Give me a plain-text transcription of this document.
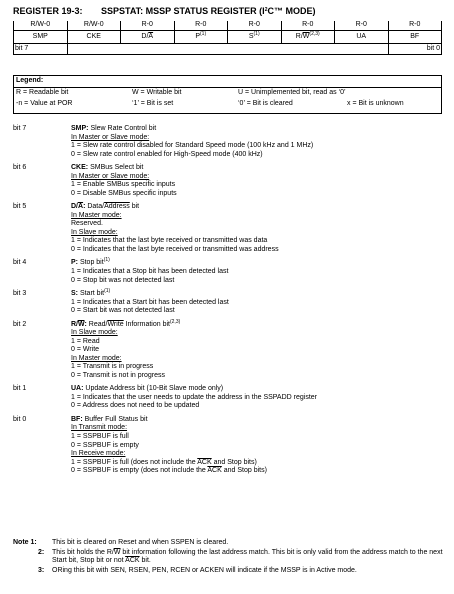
REGISTER 19-3: SSPSTAT: MSSP STATUS REGISTER ($I^2C™$ MODE)
R/W-0	R/W-0	R-0	R-0	R-0	R-0	R-0	R-0
SMP	CKE	$D/\overline{A}$	$P^{(1)}$	$S^{(1)}$	$R/\overline{W}^{(2,3)}$	UA	BF
bit 7							bit 0
Legend:
R = Readable bit	W = Writable bit	U = Unimplemented bit, read as ‘0’
-n = Value at POR	‘1’ = Bit is set	‘0’ = Bit is cleared	x = Bit is unknown
bit 7	SMP: Slew Rate Control bit
In Master or Slave mode:
1 = Slew rate control disabled for Standard Speed mode (100 kHz and 1 MHz)
0 = Slew rate control enabled for High-Speed mode (400 kHz)
bit 6	CKE: SMBus Select bit
In Master or Slave mode:
1 = Enable SMBus specific inputs
0 = Disable SMBus specific inputs
bit 5	$D/\overline{A}$: Data/Address bit
In Master mode:
Reserved.
In Slave mode:
1 = Indicates that the last byte received or transmitted was data
0 = Indicates that the last byte received or transmitted was address
bit 4	P: Stop bit$^{(1)}$
1 = Indicates that a Stop bit has been detected last
0 = Stop bit was not detected last
bit 3	S: Start bit$^{(1)}$
1 = Indicates that a Start bit has been detected last
0 = Start bit was not detected last
bit 2	$R/\overline{W}$: Read/Write Information bit$^{(2,3)}$
In Slave mode:
1 = Read
0 = Write
In Master mode:
1 = Transmit is in progress
0 = Transmit is not in progress
bit 1	UA: Update Address bit (10-Bit Slave mode only)
1 = Indicates that the user needs to update the address in the SSPADD register
0 = Address does not need to be updated
bit 0	BF: Buffer Full Status bit
In Transmit mode:
1 = SSPBUF is full
0 = SSPBUF is empty
In Receive mode:
1 = SSPBUF is full (does not include the $\overline{ACK}$ and Stop bits)
0 = SSPBUF is empty (does not include the $\overline{ACK}$ and Stop bits)
Note 1: This bit is cleared on Reset and when SSPEN is cleared.
2: This bit holds the $R/\overline{W}$ bit information following the last address match. This bit is only valid from the address match to the next Start bit, Stop bit or not $\overline{ACK}$ bit.
3: ORing this bit with SEN, RSEN, PEN, RCEN or ACKEN will indicate if the MSSP is in Active mode.
